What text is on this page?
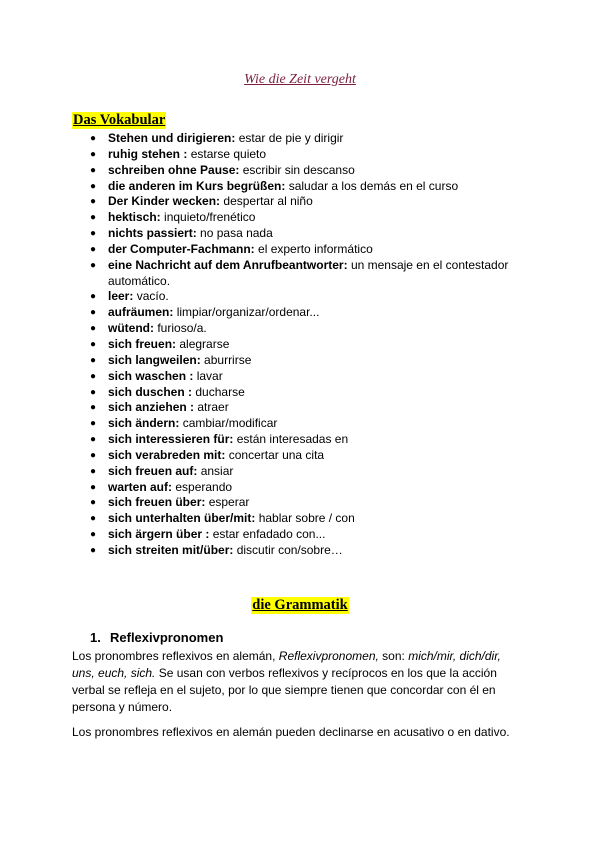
Wie die Zeit vergeht
Das Vokabular
● Stehen und dirigieren: estar de pie y dirigir
● ruhig stehen : estarse quieto
● schreiben ohne Pause: escribir sin descanso
● die anderen im Kurs begrüßen: saludar a los demás en el curso
● Der Kinder wecken: despertar al niño
● hektisch: inquieto/frenético
● nichts passiert: no pasa nada
● der Computer-Fachmann: el experto informático
● eine Nachricht auf dem Anrufbeantworter: un mensaje en el contestador automático.
● leer: vacío.
● aufräumen: limpiar/organizar/ordenar...
● wütend: furioso/a.
● sich freuen: alegrarse
● sich langweilen: aburrirse
● sich waschen : lavar
● sich duschen : ducharse
● sich anziehen : atraer
● sich ändern: cambiar/modificar
● sich interessieren für: están interesadas en
● sich verabreden mit: concertar una cita
● sich freuen auf: ansiar
● warten auf: esperando
● sich freuen über: esperar
● sich unterhalten über/mit: hablar sobre / con
● sich ärgern über : estar enfadado con...
● sich streiten mit/über: discutir con/sobre…
die Grammatik
1. Reflexivpronomen

Los pronombres reflexivos en alemán, Reflexivpronomen, son: mich/mir, dich/dir, uns, euch, sich. Se usan con verbos reflexivos y recíprocos en los que la acción verbal se refleja en el sujeto, por lo que siempre tienen que concordar con él en persona y número.

Los pronombres reflexivos en alemán pueden declinarse en acusativo o en dativo.
